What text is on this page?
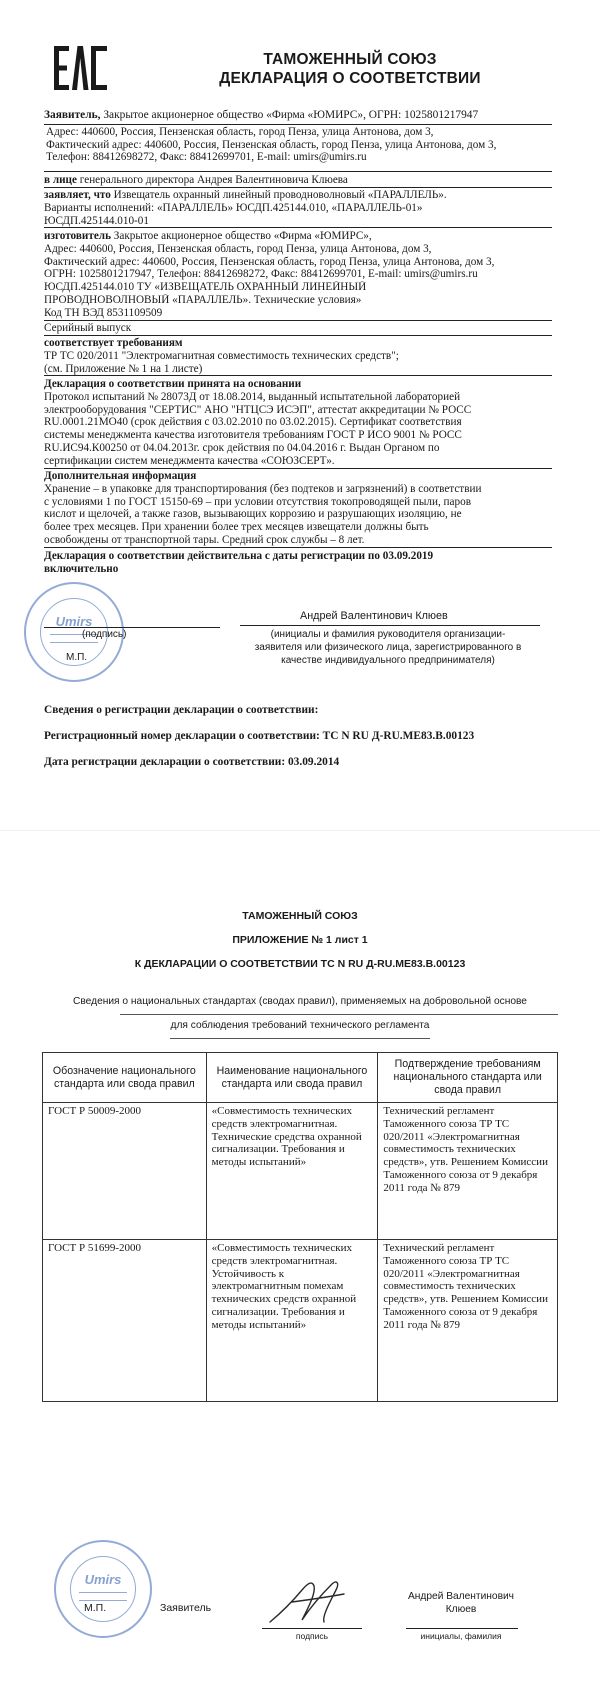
ТАМОЖЕННЫЙ СОЮЗ
ДЕКЛАРАЦИЯ О СООТВЕТСТВИИ
Заявитель, Закрытое акционерное общество «Фирма «ЮМИРС», ОГРН: 1025801217947
Адрес: 440600, Россия, Пензенская область, город Пенза, улица Антонова, дом 3,
Фактический адрес: 440600, Россия, Пензенская область, город Пенза, улица Антонова, дом 3,
Телефон: 88412698272, Факс: 88412699701, E-mail: umirs@umirs.ru
в лице генерального директора Андрея Валентиновича Клюева
заявляет, что Извещатель охранный линейный проводноволновый «ПАРАЛЛЕЛЬ».
Варианты исполнений: «ПАРАЛЛЕЛЬ» ЮСДП.425144.010, «ПАРАЛЛЕЛЬ-01»
ЮСДП.425144.010-01
изготовитель Закрытое акционерное общество «Фирма «ЮМИРС»,
Адрес: 440600, Россия, Пензенская область, город Пенза, улица Антонова, дом 3,
Фактический адрес: 440600, Россия, Пензенская область, город Пенза, улица Антонова, дом 3,
ОГРН: 1025801217947, Телефон: 88412698272, Факс: 88412699701, E-mail: umirs@umirs.ru
ЮСДП.425144.010 ТУ «ИЗВЕЩАТЕЛЬ ОХРАННЫЙ ЛИНЕЙНЫЙ
ПРОВОДНОВОЛНОВЫЙ «ПАРАЛЛЕЛЬ». Технические условия»
Код ТН ВЭД 8531109509
Серийный выпуск
соответствует требованиям
ТР ТС 020/2011 "Электромагнитная совместимость технических средств";
(см. Приложение № 1 на 1 листе)
Декларация о соответствии принята на основании
Протокол испытаний № 28073Д от 18.08.2014, выданный испытательной лабораторией
электрооборудования "СЕРТИС" АНО "НТЦСЭ ИСЭП", аттестат аккредитации № РОСС
RU.0001.21МО40 (срок действия с 03.02.2010 по 03.02.2015). Сертификат соответствия
системы менеджмента качества изготовителя требованиям ГОСТ Р ИСО 9001 № РОСС
RU.ИС94.К00250 от 04.04.2013г. срок действия по 04.04.2016 г. Выдан Органом по
сертификации систем менеджмента качества «СОЮЗСЕРТ».
Дополнительная информация
Хранение – в упаковке для транспортирования (без подтеков и загрязнений) в соответствии
с условиями 1 по ГОСТ 15150-69 – при условии отсутствия токопроводящей пыли, паров
кислот и щелочей, а также газов, вызывающих коррозию и разрушающих изоляцию, не
более трех месяцев. При хранении более трех месяцев извещатели должны быть
освобождены от транспортной тары. Средний срок службы – 8 лет.
Декларация о соответствии действительна с даты регистрации по 03.09.2019
включительно
Umirs
(подпись)
М.П.
Андрей Валентинович Клюев
(инициалы и фамилия руководителя организации-
заявителя или физического лица, зарегистрированного в
качестве индивидуального предпринимателя)
Сведения о регистрации декларации о соответствии:
Регистрационный номер декларации о соответствии: ТС N RU Д-RU.МЕ83.В.00123
Дата регистрации декларации о соответствии: 03.09.2014
ТАМОЖЕННЫЙ СОЮЗ
ПРИЛОЖЕНИЕ № 1 лист 1
К ДЕКЛАРАЦИИ О СООТВЕТСТВИИ ТС N RU Д-RU.МЕ83.В.00123
Сведения о национальных стандартах (сводах правил), применяемых на добровольной основе
для соблюдения требований технического регламента
Обозначение национального стандарта или свода правил	Наименование национального стандарта или свода правил	Подтверждение требованиям национального стандарта или свода правил
ГОСТ Р 50009-2000	«Совместимость технических средств электромагнитная. Технические средства охранной сигнализации. Требования и методы испытаний»	Технический регламент Таможенного союза ТР ТС 020/2011 «Электромагнитная совместимость технических средств», утв. Решением Комиссии Таможенного союза от 9 декабря 2011 года № 879
ГОСТ Р 51699-2000	«Совместимость технических средств электромагнитная. Устойчивость к электромагнитным помехам технических средств охранной сигнализации. Требования и методы испытаний»	Технический регламент Таможенного союза ТР ТС 020/2011 «Электромагнитная совместимость технических средств», утв. Решением Комиссии Таможенного союза от 9 декабря 2011 года № 879
Umirs
М.П.	Заявитель
подпись
Андрей Валентинович
Клюев
инициалы, фамилия
